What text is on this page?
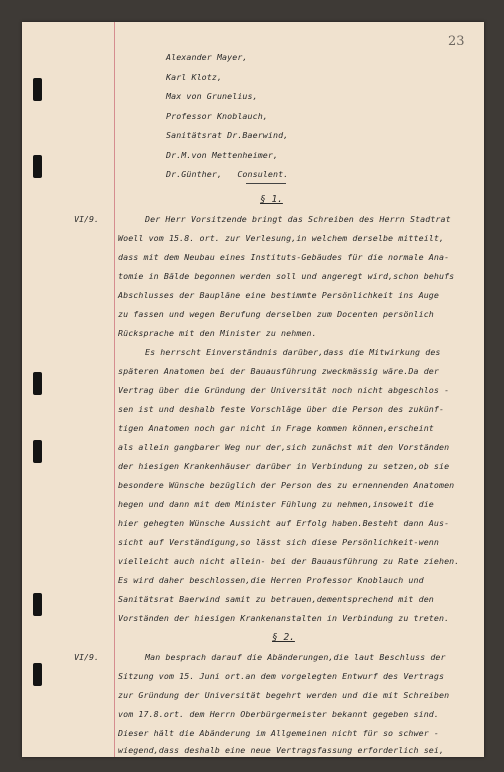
23
Alexander Mayer,
Karl Klotz,
Max von Grunelius,
Professor Knoblauch,
Sanitätsrat Dr.Baerwind,
Dr.M.von Mettenheimer,
Dr.Günther,   Consulent.
§ 1.
VI/9.	Der Herr Vorsitzende bringt das Schreiben des Herrn Stadtrat
Woell vom 15.8. ort. zur Verlesung,in welchem derselbe mitteilt,
dass mit dem Neubau eines Instituts-Gebäudes für die normale Ana-
tomie in Bälde begonnen werden soll und angeregt wird,schon behufs
Abschlusses der Baupläne eine bestimmte Persönlichkeit ins Auge
zu fassen und wegen Berufung derselben zum Docenten persönlich
Rücksprache mit den Minister zu nehmen.
Es herrscht Einverständnis darüber,dass die Mitwirkung des
späteren Anatomen bei der Bauausführung zweckmässig wäre.Da der
Vertrag über die Gründung der Universität noch nicht abgeschlos -
sen ist und deshalb feste Vorschläge über die Person des zukünf-
tigen Anatomen noch gar nicht in Frage kommen können,erscheint
als allein gangbarer Weg nur der,sich zunächst mit den Vorständen
der hiesigen Krankenhäuser darüber in Verbindung zu setzen,ob sie
besondere Wünsche bezüglich der Person des zu ernennenden Anatomen
hegen und dann mit dem Minister Fühlung zu nehmen,insoweit die
hier gehegten Wünsche Aussicht auf Erfolg haben.Besteht dann Aus-
sicht auf Verständigung,so lässt sich diese Persönlichkeit-wenn
vielleicht auch nicht allein- bei der Bauausführung zu Rate ziehen.
Es wird daher beschlossen,die Herren Professor Knoblauch und
Sanitätsrat Baerwind samit zu betrauen,dementsprechend mit den
Vorständen der hiesigen Krankenanstalten in Verbindung zu treten.
§ 2.
VI/9.	Man besprach darauf die Abänderungen,die laut Beschluss der
Sitzung vom 15. Juni ort.an dem vorgelegten Entwurf des Vertrags
zur Gründung der Universität begehrt werden und die mit Schreiben
vom 17.8.ort. dem Herrn Oberbürgermeister bekannt gegeben sind.
Dieser hält die Abänderung im Allgemeinen nicht für so schwer -
wiegend,dass deshalb eine neue Vertragsfassung erforderlich sei,
